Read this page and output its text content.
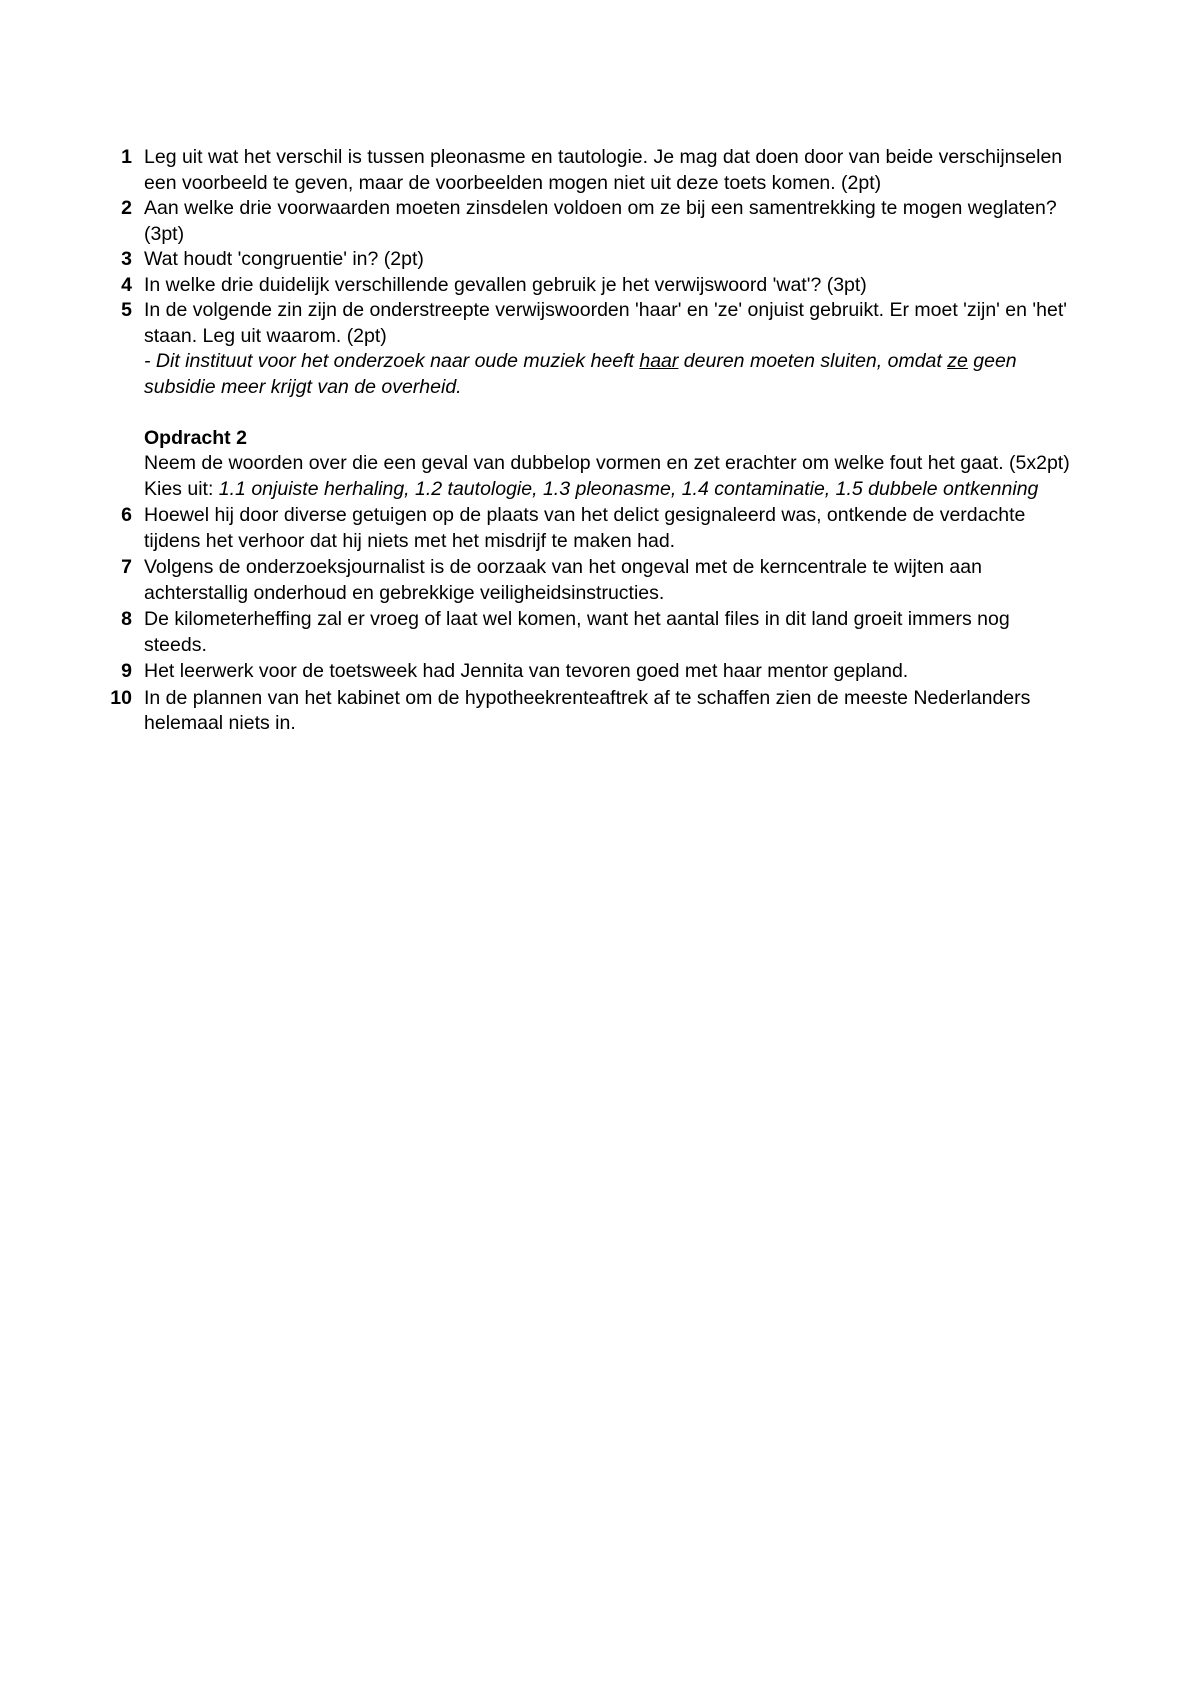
1 Leg uit wat het verschil is tussen pleonasme en tautologie. Je mag dat doen door van beide verschijnselen een voorbeeld te geven, maar de voorbeelden mogen niet uit deze toets komen. (2pt)
2 Aan welke drie voorwaarden moeten zinsdelen voldoen om ze bij een samentrekking te mogen weglaten? (3pt)
3 Wat houdt 'congruentie' in? (2pt)
4 In welke drie duidelijk verschillende gevallen gebruik je het verwijswoord 'wat'? (3pt)
5 In de volgende zin zijn de onderstreepte verwijswoorden 'haar' en 'ze' onjuist gebruikt. Er moet 'zijn' en 'het' staan. Leg uit waarom. (2pt)
- Dit instituut voor het onderzoek naar oude muziek heeft haar deuren moeten sluiten, omdat ze geen subsidie meer krijgt van de overheid.
Opdracht 2
Neem de woorden over die een geval van dubbelop vormen en zet erachter om welke fout het gaat. (5x2pt)
Kies uit: 1.1 onjuiste herhaling, 1.2 tautologie, 1.3 pleonasme, 1.4 contaminatie, 1.5 dubbele ontkenning
6 Hoewel hij door diverse getuigen op de plaats van het delict gesignaleerd was, ontkende de verdachte tijdens het verhoor dat hij niets met het misdrijf te maken had.
7 Volgens de onderzoeksjournalist is de oorzaak van het ongeval met de kerncentrale te wijten aan achterstallig onderhoud en gebrekkige veiligheidsinstructies.
8 De kilometerheffing zal er vroeg of laat wel komen, want het aantal files in dit land groeit immers nog steeds.
9 Het leerwerk voor de toetsweek had Jennita van tevoren goed met haar mentor gepland.
10 In de plannen van het kabinet om de hypotheekrenteaftrek af te schaffen zien de meeste Nederlanders helemaal niets in.
